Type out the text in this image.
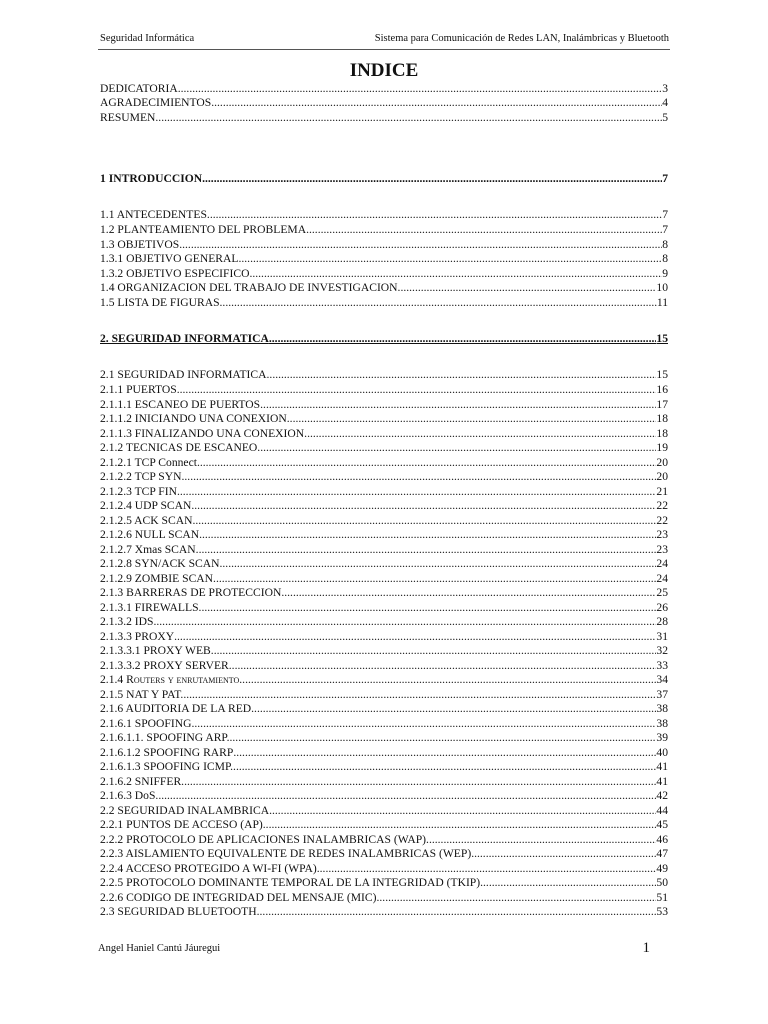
Seguridad Informática	Sistema para Comunicación de Redes LAN, Inalámbricas y Bluetooth
INDICE
DEDICATORIA .....	3
AGRADECIMIENTOS .....	4
RESUMEN .....	5
1 INTRODUCCION. .....	7
1.1 ANTECEDENTES. .....	7
1.2 PLANTEAMIENTO DEL PROBLEMA .....	7
1.3 OBJETIVOS .....	8
1.3.1 OBJETIVO GENERAL .....	8
1.3.2 OBJETIVO ESPECIFICO. .....	9
1.4 ORGANIZACION DEL TRABAJO DE INVESTIGACION. .....	10
1.5 LISTA DE FIGURAS .....	11
2. SEGURIDAD INFORMATICA .....	15
2.1 SEGURIDAD INFORMATICA .....	15
2.1.1 PUERTOS .....	16
2.1.1.1 ESCANEO DE PUERTOS .....	17
2.1.1.2 INICIANDO UNA CONEXION .....	18
2.1.1.3 FINALIZANDO UNA CONEXION .....	18
2.1.2 TECNICAS DE ESCANEO. .....	19
2.1.2.1 TCP Connect. .....	20
2.1.2.2 TCP SYN. .....	20
2.1.2.3 TCP FIN .....	21
2.1.2.4 UDP SCAN. .....	22
2.1.2.5 ACK SCAN. .....	22
2.1.2.6 NULL SCAN. .....	23
2.1.2.7 Xmas SCAN. .....	23
2.1.2.8 SYN/ACK SCAN. .....	24
2.1.2.9 ZOMBIE SCAN. .....	24
2.1.3 BARRERAS DE PROTECCION .....	25
2.1.3.1 FIREWALLS .....	26
2.1.3.2 IDS .....	28
2.1.3.3 PROXY .....	31
2.1.3.3.1 PROXY WEB. .....	32
2.1.3.3.2 PROXY SERVER .....	33
2.1.4 Routers y enrutamiento. .....	34
2.1.5 NAT Y PAT. .....	37
2.1.6 AUDITORIA DE LA RED .....	38
2.1.6.1 SPOOFING .....	38
2.1.6.1.1. SPOOFING ARP. .....	39
2.1.6.1.2 SPOOFING RARP .....	40
2.1.6.1.3 SPOOFING ICMP. .....	41
2.1.6.2 SNIFFER. .....	41
2.1.6.3 DoS. .....	42
2.2 SEGURIDAD INALAMBRICA .....	44
2.2.1 PUNTOS DE ACCESO (AP) .....	45
2.2.2 PROTOCOLO DE APLICACIONES INALAMBRICAS (WAP) .....	46
2.2.3 AISLAMIENTO EQUIVALENTE DE REDES INALAMBRICAS (WEP) .....	47
2.2.4 ACCESO PROTEGIDO A WI-FI (WPA). .....	49
2.2.5 PROTOCOLO DOMINANTE TEMPORAL DE LA INTEGRIDAD (TKIP). .....	50
2.2.6 CODIGO DE INTEGRIDAD DEL MENSAJE (MIC). .....	51
2.3 SEGURIDAD BLUETOOTH. .....	53
Angel Haniel Cantú Jáuregui	1
